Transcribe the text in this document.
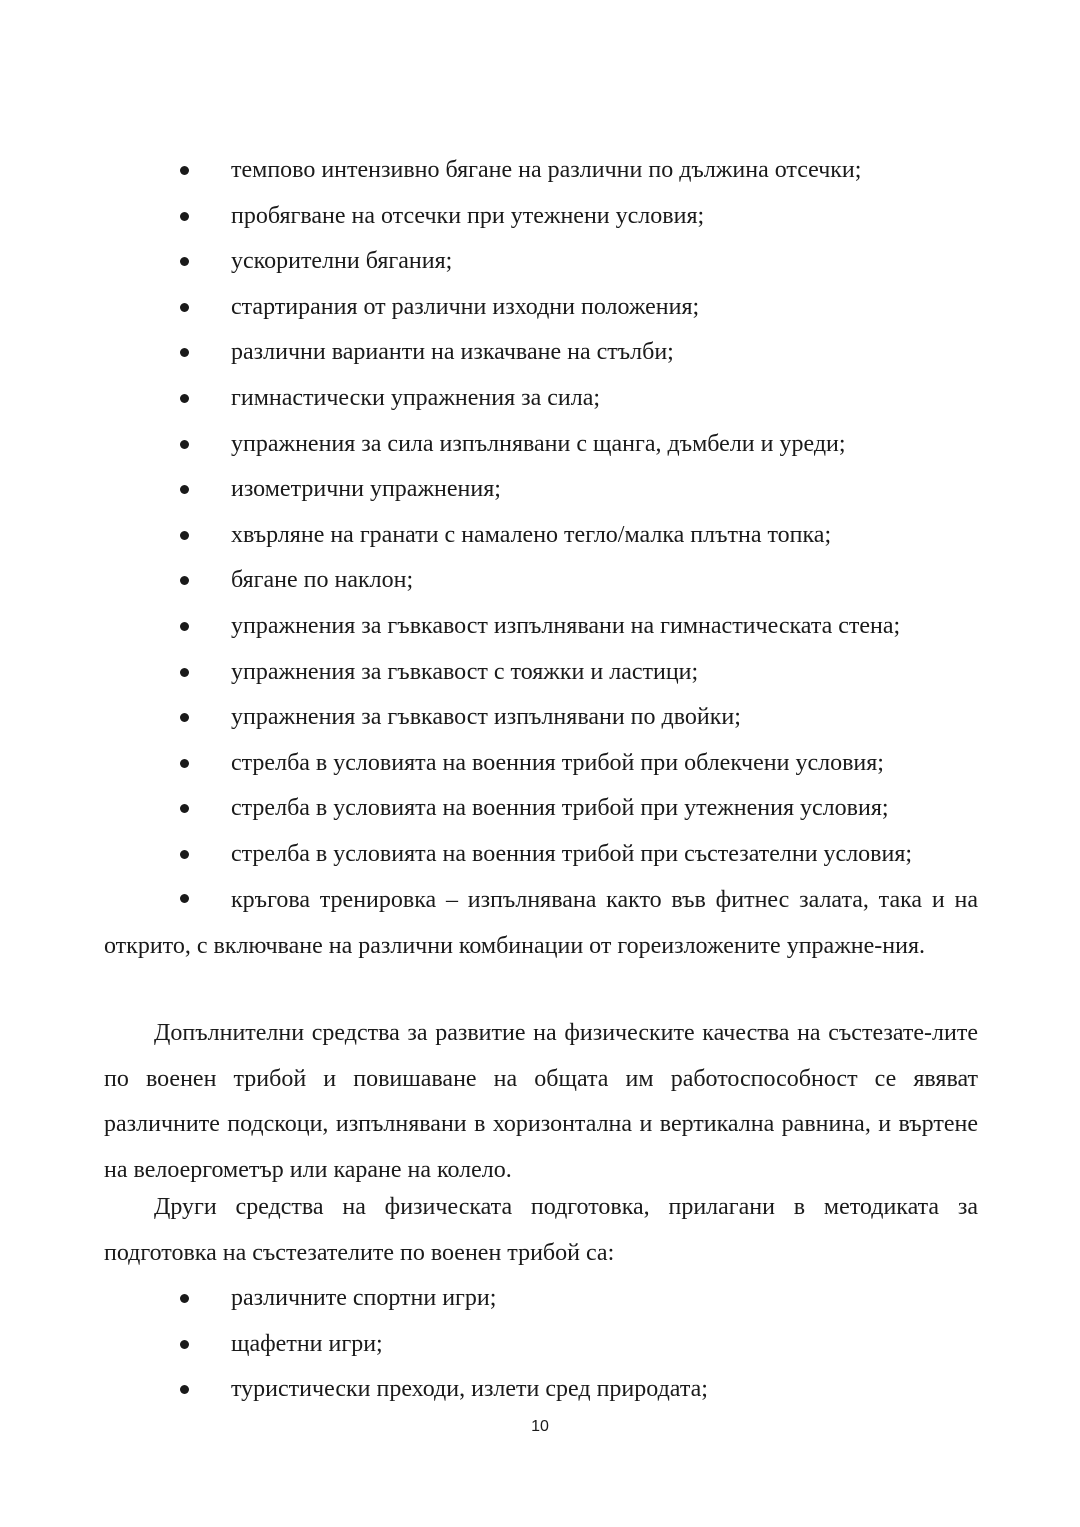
темпово интензивно бягане на различни по дължина отсечки;
пробягване на отсечки при утежнени условия;
ускорителни бягания;
стартирания от различни изходни положения;
различни варианти на изкачване на стълби;
гимнастически упражнения за сила;
упражнения за сила изпълнявани с щанга, дъмбели и уреди;
изометрични упражнения;
хвърляне на гранати с намалено тегло/малка плътна топка;
бягане по наклон;
упражнения за гъвкавост изпълнявани на гимнастическата стена;
упражнения за гъвкавост с тояжки и ластици;
упражнения за гъвкавост изпълнявани по двойки;
стрелба в условията на военния трибой при облекчени условия;
стрелба в условията на военния трибой при утежнения условия;
стрелба в условията на военния трибой при състезателни условия;

кръгова тренировка – изпълнявана както във фитнес залата, така и на открито, с включване на различни комбинации от гореизложените упражне-ния.

Допълнителни средства за развитие на физическите качества на състезате-лите по военен трибой и повишаване на общата им работоспособност се явяват различните подскоци, изпълнявани в хоризонтална и вертикална равнина, и въртене на велоергометър или каране на колело.

Други средства на физическата подготовка, прилагани в методиката за подготовка на състезателите по военен трибой са:

различните спортни игри;
щафетни игри;
туристически преходи, излети сред природата;
10
